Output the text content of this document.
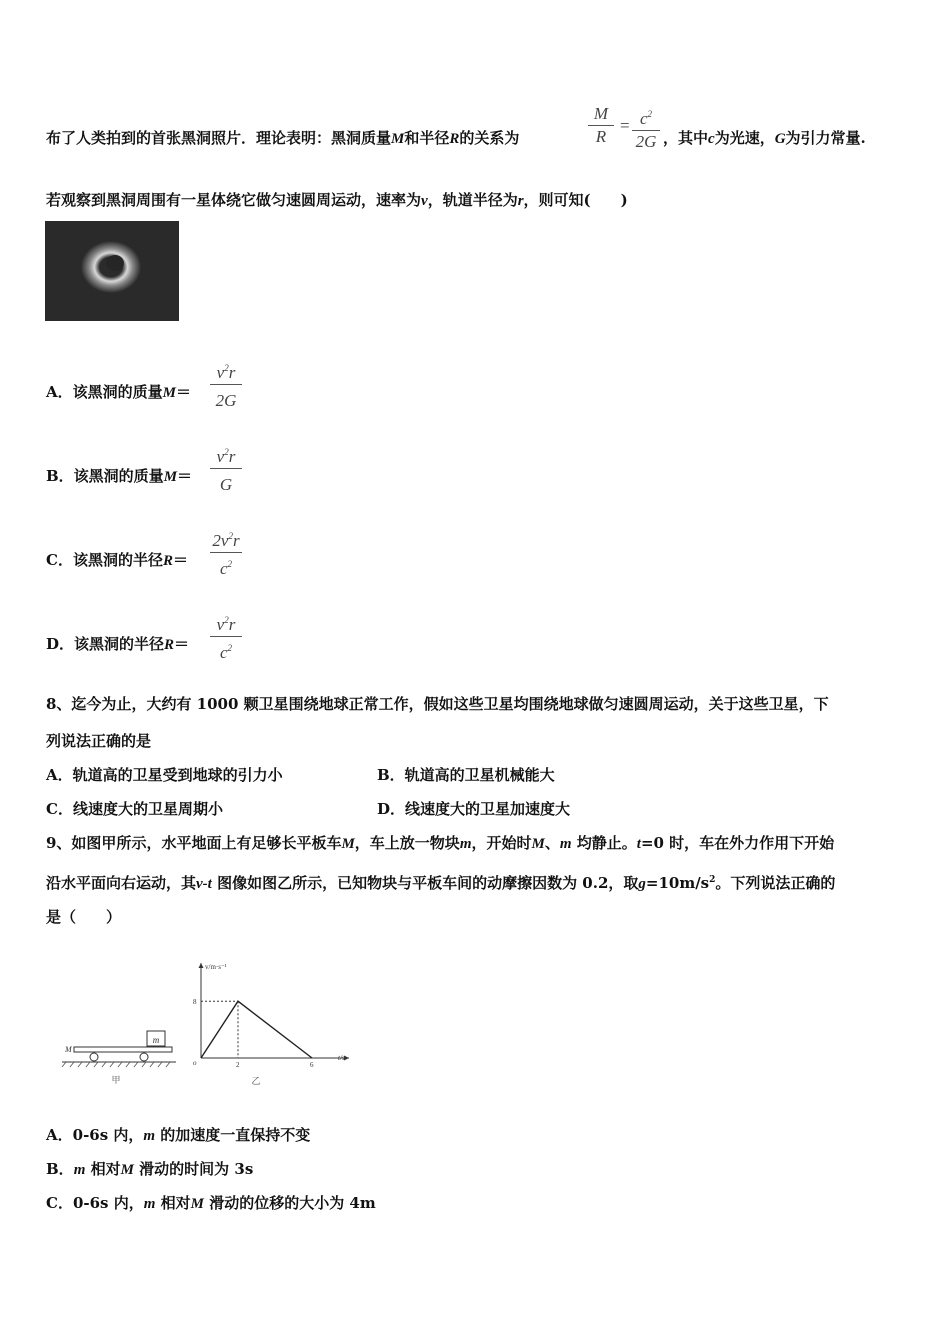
布了人类拍到的首张黑洞照片．理论表明：黑洞质量M和半径R的关系为
M
R
= $c^2$
2G ，其中c为光速，G为引力常量.
若观察到黑洞周围有一星体绕它做匀速圆周运动，速率为v，轨道半径为r，则可知(　　)
A．该黑洞的质量M＝
$v^2r$
2G
B．该黑洞的质量M＝
$v^2r$
G
C．该黑洞的半径R＝
$2v^2r$
$c^2$
D．该黑洞的半径R＝
$v^2r$
$c^2$
8、迄今为止，大约有 1000 颗卫星围绕地球正常工作，假如这些卫星均围绕地球做匀速圆周运动，关于这些卫星，下
列说法正确的是
A．轨道高的卫星受到地球的引力小	B．轨道高的卫星机械能大
C．线速度大的卫星周期小	D．线速度大的卫星加速度大
9、如图甲所示，水平地面上有足够长平板车M，车上放一物块m，开始时M、m 均静止。t=0 时，车在外力作用下开始
沿水平面向右运动，其v-t 图像如图乙所示，已知物块与平板车间的动摩擦因数为 0.2，取$g=10m/s^2$。下列说法正确的
是（　　）
m
M
甲
v/m·s⁻¹
t/s
o
8
2	6
乙
A．0-6s 内，m 的加速度一直保持不变
B．m 相对M 滑动的时间为 3s
C．0-6s 内，m 相对M 滑动的位移的大小为 4m
